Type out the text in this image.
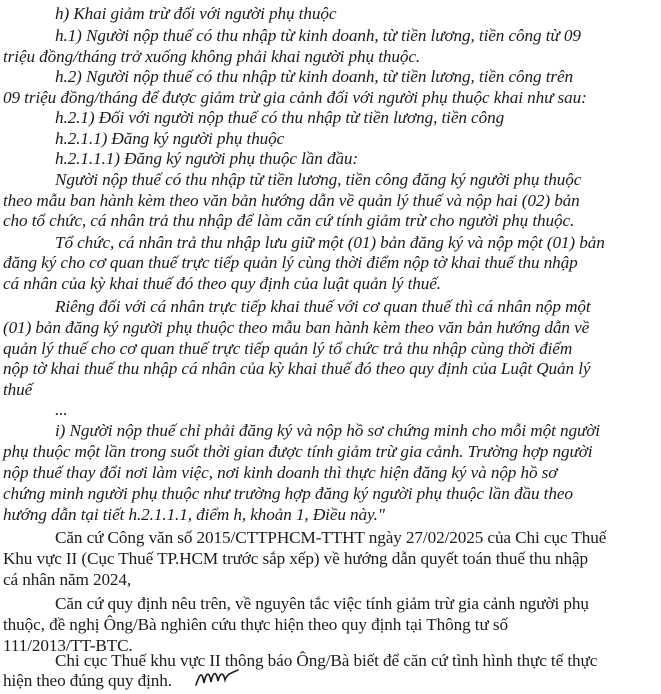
h) Khai giảm trừ đối với người phụ thuộc
h.1) Người nộp thuế có thu nhập từ kinh doanh, từ tiền lương, tiền công từ 09
triệu đồng/tháng trở xuống không phải khai người phụ thuộc.
h.2) Người nộp thuế có thu nhập từ kinh doanh, từ tiền lương, tiền công trên
09 triệu đồng/tháng để được giảm trừ gia cảnh đối với người phụ thuộc khai như sau:
h.2.1) Đối với người nộp thuế có thu nhập từ tiền lương, tiền công
h.2.1.1) Đăng ký người phụ thuộc
h.2.1.1.1) Đăng ký người phụ thuộc lần đầu:
Người nộp thuế có thu nhập từ tiền lương, tiền công đăng ký người phụ thuộc
theo mẫu ban hành kèm theo văn bản hướng dẫn về quản lý thuế và nộp hai (02) bản
cho tổ chức, cá nhân trả thu nhập để làm căn cứ tính giảm trừ cho người phụ thuộc.
Tổ chức, cá nhân trả thu nhập lưu giữ một (01) bản đăng ký và nộp một (01) bản
đăng ký cho cơ quan thuế trực tiếp quản lý cùng thời điểm nộp tờ khai thuế thu nhập
cá nhân của kỳ khai thuế đó theo quy định của luật quản lý thuế.
Riêng đối với cá nhân trực tiếp khai thuế với cơ quan thuế thì cá nhân nộp một
(01) bản đăng ký người phụ thuộc theo mẫu ban hành kèm theo văn bản hướng dẫn về
quản lý thuế cho cơ quan thuế trực tiếp quản lý tổ chức trả thu nhập cùng thời điểm
nộp tờ khai thuế thu nhập cá nhân của kỳ khai thuế đó theo quy định của Luật Quản lý
thuế
...
i) Người nộp thuế chỉ phải đăng ký và nộp hồ sơ chứng minh cho mỗi một người
phụ thuộc một lần trong suốt thời gian được tính giảm trừ gia cảnh. Trường hợp người
nộp thuế thay đổi nơi làm việc, nơi kinh doanh thì thực hiện đăng ký và nộp hồ sơ
chứng minh người phụ thuộc như trường hợp đăng ký người phụ thuộc lần đầu theo
hướng dẫn tại tiết h.2.1.1.1, điểm h, khoản 1, Điều này."
Căn cứ Công văn số 2015/CTTPHCM-TTHT ngày 27/02/2025 của Chi cục Thuế
Khu vực II (Cục Thuế TP.HCM trước sắp xếp) về hướng dẫn quyết toán thuế thu nhập
cá nhân năm 2024,
Căn cứ quy định nêu trên, về nguyên tắc việc tính giảm trừ gia cảnh người phụ
thuộc, đề nghị Ông/Bà nghiên cứu thực hiện theo quy định tại Thông tư số
111/2013/TT-BTC.
Chi cục Thuế khu vực II thông báo Ông/Bà biết để căn cứ tình hình thực tế thực
hiện theo đúng quy định.
